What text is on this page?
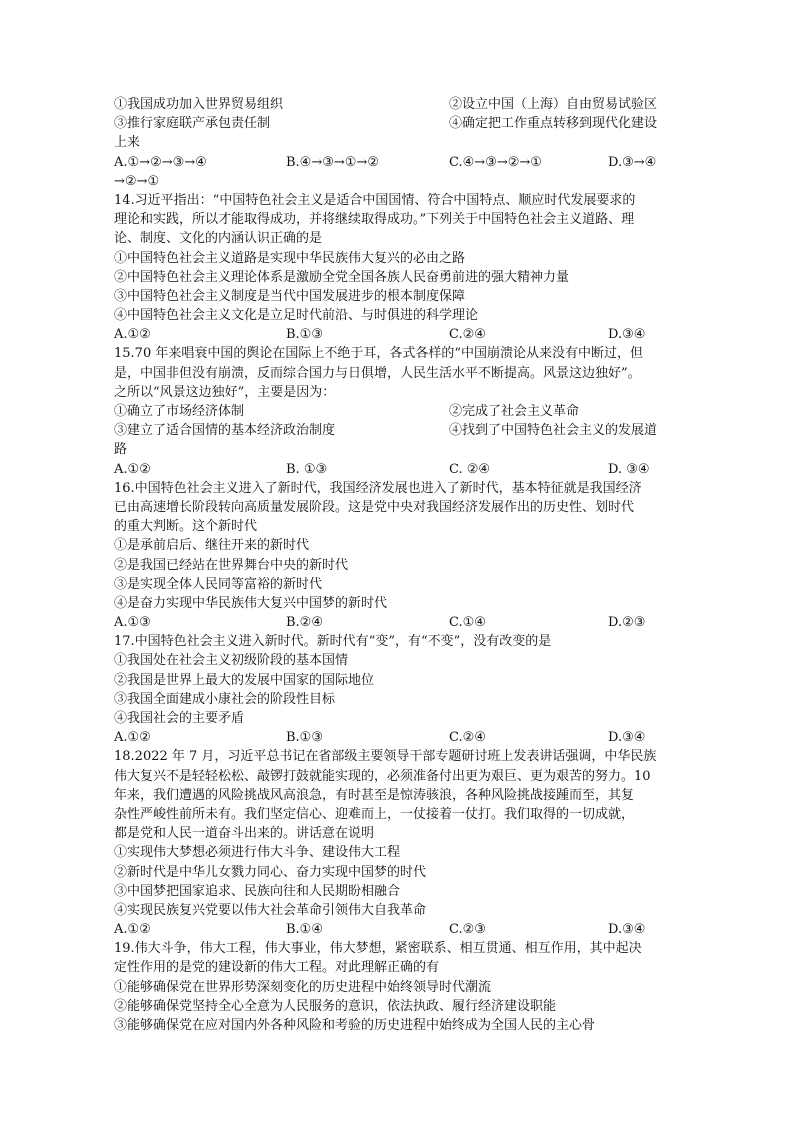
①我国成功加入世界贸易组织	②设立中国（上海）自由贸易试验区
③推行家庭联产承包责任制	④确定把工作重点转移到现代化建设
上来
A.①→②→③→④	B.④→③→①→②	C.④→③→②→①	D.③→④
→②→①
14.习近平指出：“中国特色社会主义是适合中国国情、符合中国特点、顺应时代发展要求的
理论和实践，所以才能取得成功，并将继续取得成功。”下列关于中国特色社会主义道路、理
论、制度、文化的内涵认识正确的是
①中国特色社会主义道路是实现中华民族伟大复兴的必由之路
②中国特色社会主义理论体系是激励全党全国各族人民奋勇前进的强大精神力量
③中国特色社会主义制度是当代中国发展进步的根本制度保障
④中国特色社会主义文化是立足时代前沿、与时俱进的科学理论
A.①②	B.①③	C.②④	D.③④
15.70 年来唱衰中国的舆论在国际上不绝于耳，各式各样的“中国崩溃论从来没有中断过，但
是，中国非但没有崩溃，反而综合国力与日俱增，人民生活水平不断提高。风景这边独好”。
之所以“风景这边独好”，主要是因为：
①确立了市场经济体制	②完成了社会主义革命
③建立了适合国情的基本经济政治制度	④找到了中国特色社会主义的发展道
路
A.①②	B. ①③	C. ②④	D. ③④
16.中国特色社会主义进入了新时代，我国经济发展也进入了新时代，基本特征就是我国经济
已由高速增长阶段转向高质量发展阶段。这是党中央对我国经济发展作出的历史性、划时代
的重大判断。这个新时代
①是承前启后、继往开来的新时代
②是我国已经站在世界舞台中央的新时代
③是实现全体人民同等富裕的新时代
④是奋力实现中华民族伟大复兴中国梦的新时代
A.①③	B.②④	C.①④	D.②③
17.中国特色社会主义进入新时代。新时代有“变”，有“不变”，没有改变的是
①我国处在社会主义初级阶段的基本国情
②我国是世界上最大的发展中国家的国际地位
③我国全面建成小康社会的阶段性目标
④我国社会的主要矛盾
A.①②	B.①③	C.②④	D.③④
18.2022 年 7 月，习近平总书记在省部级主要领导干部专题研讨班上发表讲话强调，中华民族
伟大复兴不是轻轻松松、敲锣打鼓就能实现的，必须准备付出更为艰巨、更为艰苦的努力。10
年来，我们遭遇的风险挑战风高浪急，有时甚至是惊涛骇浪，各种风险挑战接踵而至，其复
杂性严峻性前所未有。我们坚定信心、迎难而上，一仗接着一仗打。我们取得的一切成就，
都是党和人民一道奋斗出来的。讲话意在说明
①实现伟大梦想必须进行伟大斗争、建设伟大工程
②新时代是中华儿女戮力同心、奋力实现中国梦的时代
③中国梦把国家追求、民族向往和人民期盼相融合
④实现民族复兴党要以伟大社会革命引领伟大自我革命
A.①②	B.①④	C.②③	D.③④
19.伟大斗争，伟大工程，伟大事业，伟大梦想，紧密联系、相互贯通、相互作用，其中起决
定性作用的是党的建设新的伟大工程。对此理解正确的有
①能够确保党在世界形势深刻变化的历史进程中始终领导时代潮流
②能够确保党坚持全心全意为人民服务的意识，依法执政、履行经济建设职能
③能够确保党在应对国内外各种风险和考验的历史进程中始终成为全国人民的主心骨
